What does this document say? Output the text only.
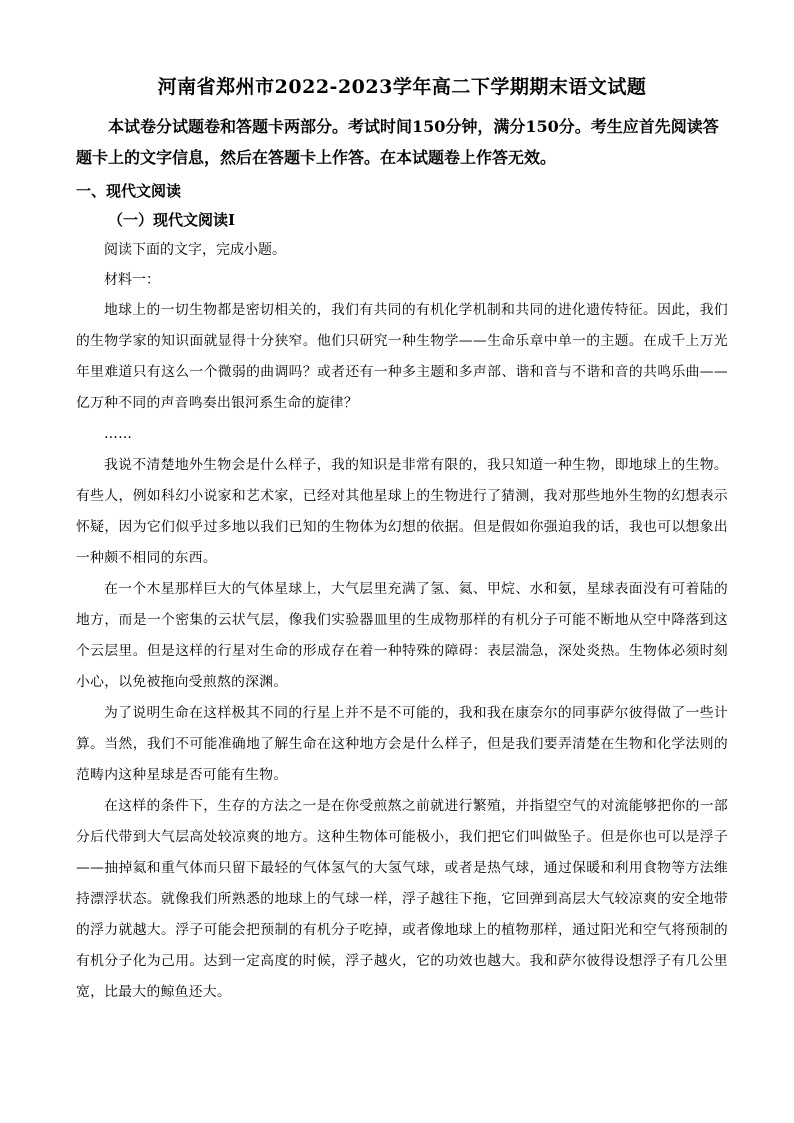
河南省郑州市2022-2023学年高二下学期期末语文试题

本试卷分试题卷和答题卡两部分。考试时间150分钟，满分150分。考生应首先阅读答题卡上的文字信息，然后在答题卡上作答。在本试题卷上作答无效。

一、现代文阅读
（一）现代文阅读Ⅰ

阅读下面的文字，完成小题。

材料一：

地球上的一切生物都是密切相关的，我们有共同的有机化学机制和共同的进化遗传特征。因此，我们的生物学家的知识面就显得十分狭窄。他们只研究一种生物学——生命乐章中单一的主题。在成千上万光年里难道只有这么一个微弱的曲调吗？或者还有一种多主题和多声部、谐和音与不谐和音的共鸣乐曲——亿万种不同的声音鸣奏出银河系生命的旋律？

……

我说不清楚地外生物会是什么样子，我的知识是非常有限的，我只知道一种生物，即地球上的生物。有些人，例如科幻小说家和艺术家，已经对其他星球上的生物进行了猜测，我对那些地外生物的幻想表示怀疑，因为它们似乎过多地以我们已知的生物体为幻想的依据。但是假如你强迫我的话，我也可以想象出一种颇不相同的东西。

在一个木星那样巨大的气体星球上，大气层里充满了氢、氦、甲烷、水和氨，星球表面没有可着陆的地方，而是一个密集的云状气层，像我们实验器皿里的生成物那样的有机分子可能不断地从空中降落到这个云层里。但是这样的行星对生命的形成存在着一种特殊的障碍：表层湍急，深处炎热。生物体必须时刻小心，以免被拖向受煎熬的深渊。

为了说明生命在这样极其不同的行星上并不是不可能的，我和我在康奈尔的同事萨尔彼得做了一些计算。当然，我们不可能准确地了解生命在这种地方会是什么样子，但是我们要弄清楚在生物和化学法则的范畴内这种星球是否可能有生物。

在这样的条件下，生存的方法之一是在你受煎熬之前就进行繁殖，并指望空气的对流能够把你的一部分后代带到大气层高处较凉爽的地方。这种生物体可能极小，我们把它们叫做坠子。但是你也可以是浮子——抽掉氦和重气体而只留下最轻的气体氢气的大氢气球，或者是热气球，通过保暖和利用食物等方法维持漂浮状态。就像我们所熟悉的地球上的气球一样，浮子越往下拖，它回弹到高层大气较凉爽的安全地带的浮力就越大。浮子可能会把预制的有机分子吃掉，或者像地球上的植物那样，通过阳光和空气将预制的有机分子化为己用。达到一定高度的时候，浮子越火，它的功效也越大。我和萨尔彼得设想浮子有几公里宽，比最大的鲸鱼还大。
